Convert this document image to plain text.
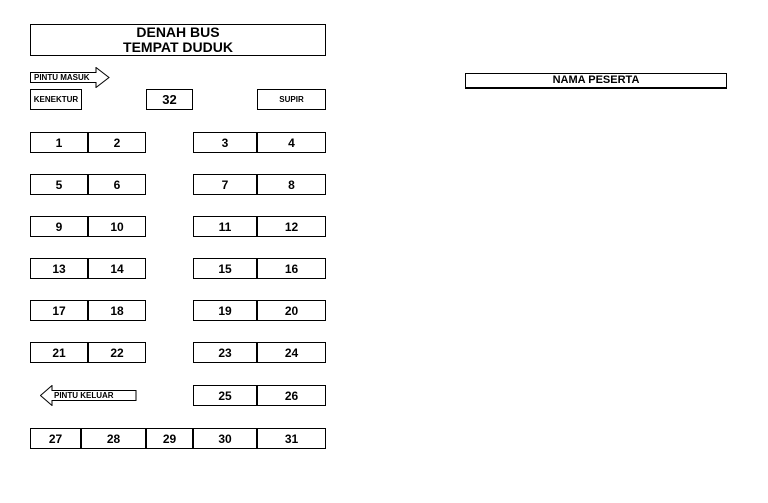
DENAH BUS
TEMPAT DUDUK
PINTU MASUK
KENEKTUR	32	SUPIR
NAMA PESERTA
1	2	3	4
5	6	7	8
9	10	11	12
13	14	15	16
17	18	19	20
21	22	23	24
25	26
27	28	29	30	31
PINTU KELUAR
